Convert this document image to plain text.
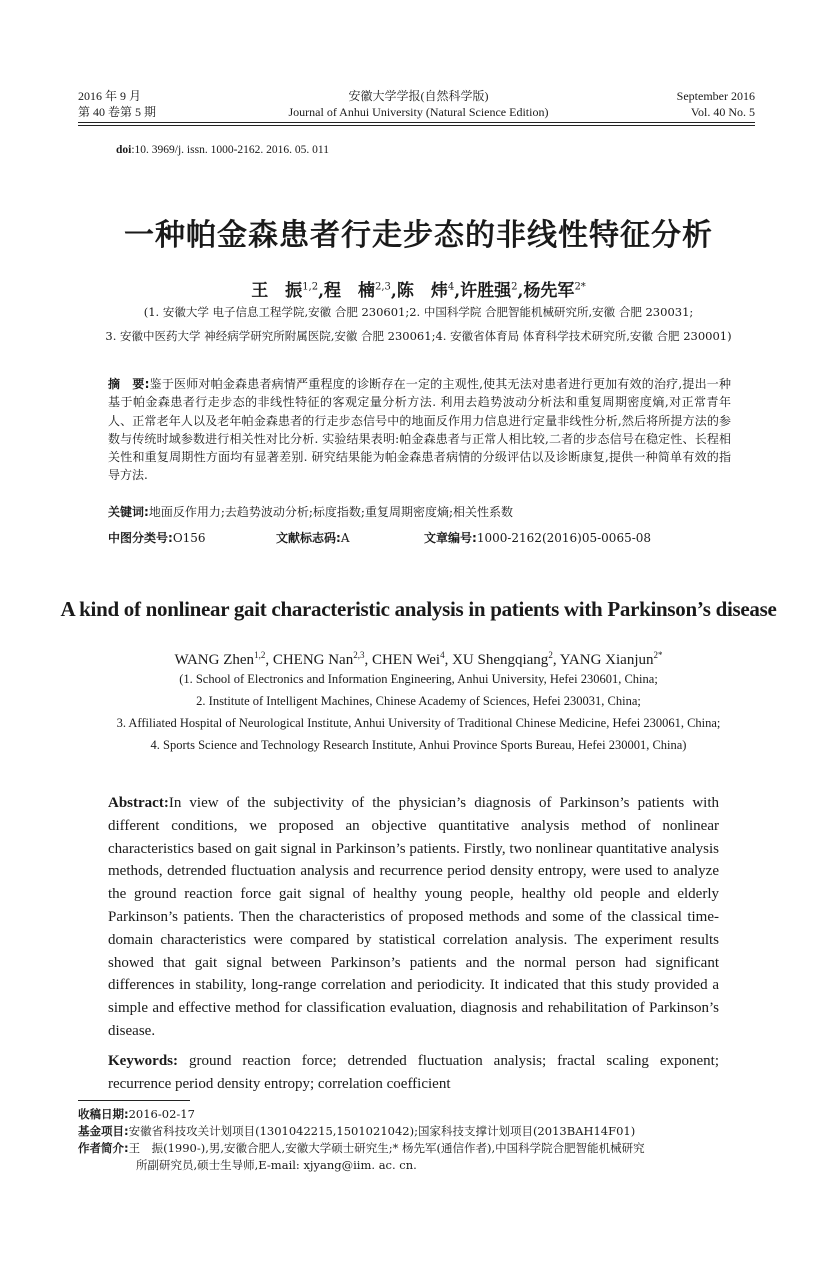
2016 年 9 月
第 40 卷第 5 期
安徽大学学报(自然科学版)
Journal of Anhui University (Natural Science Edition)
September 2016
Vol. 40 No. 5
doi:10. 3969/j. issn. 1000-2162. 2016. 05. 011
一种帕金森患者行走步态的非线性特征分析
王　振$^{1,2}$,程　楠$^{2,3}$,陈　炜$^4$,许胜强$^2$,杨先军$^{2*}$
(1. 安徽大学 电子信息工程学院,安徽 合肥 230601;2. 中国科学院 合肥智能机械研究所,安徽 合肥 230031;
3. 安徽中医药大学 神经病学研究所附属医院,安徽 合肥 230061;4. 安徽省体育局 体育科学技术研究所,安徽 合肥 230001)
摘　要:鉴于医师对帕金森患者病情严重程度的诊断存在一定的主观性,使其无法对患者进行更加有效的治疗,提出一种基于帕金森患者行走步态的非线性特征的客观定量分析方法. 利用去趋势波动分析法和重复周期密度熵,对正常青年人、正常老年人以及老年帕金森患者的行走步态信号中的地面反作用力信息进行定量非线性分析,然后将所提方法的参数与传统时域参数进行相关性对比分析. 实验结果表明:帕金森患者与正常人相比较,二者的步态信号在稳定性、长程相关性和重复周期性方面均有显著差别. 研究结果能为帕金森患者病情的分级评估以及诊断康复,提供一种简单有效的指导方法.
关键词:地面反作用力;去趋势波动分析;标度指数;重复周期密度熵;相关性系数
中图分类号:O156	文献标志码:A	文章编号:1000-2162(2016)05-0065-08
A kind of nonlinear gait characteristic analysis in patients with Parkinson’s disease
WANG Zhen$^{1,2}$, CHENG Nan$^{2,3}$, CHEN Wei$^4$, XU Shengqiang$^2$, YANG Xianjun$^{2*}$
(1. School of Electronics and Information Engineering, Anhui University, Hefei 230601, China;
2. Institute of Intelligent Machines, Chinese Academy of Sciences, Hefei 230031, China;
3. Affiliated Hospital of Neurological Institute, Anhui University of Traditional Chinese Medicine, Hefei 230061, China;
4. Sports Science and Technology Research Institute, Anhui Province Sports Bureau, Hefei 230001, China)
Abstract:In view of the subjectivity of the physician’s diagnosis of Parkinson’s patients with different conditions, we proposed an objective quantitative analysis method of nonlinear characteristics based on gait signal in Parkinson’s patients. Firstly, two nonlinear quantitative analysis methods, detrended fluctuation analysis and recurrence period density entropy, were used to analyze the ground reaction force gait signal of healthy young people, healthy old people and elderly Parkinson’s patients. Then the characteristics of proposed methods and some of the classical time-domain characteristics were compared by statistical correlation analysis. The experiment results showed that gait signal between Parkinson’s patients and the normal person had significant differences in stability, long-range correlation and periodicity. It indicated that this study provided a simple and effective method for classification evaluation, diagnosis and rehabilitation of Parkinson’s disease.
Keywords: ground reaction force; detrended fluctuation analysis; fractal scaling exponent; recurrence period density entropy; correlation coefficient
收稿日期:2016-02-17
基金项目:安徽省科技攻关计划项目(1301042215,1501021042);国家科技支撑计划项目(2013BAH14F01)
作者简介:王　振(1990-),男,安徽合肥人,安徽大学硕士研究生;* 杨先军(通信作者),中国科学院合肥智能机械研究
所副研究员,硕士生导师,E-mail: xjyang@iim. ac. cn.
